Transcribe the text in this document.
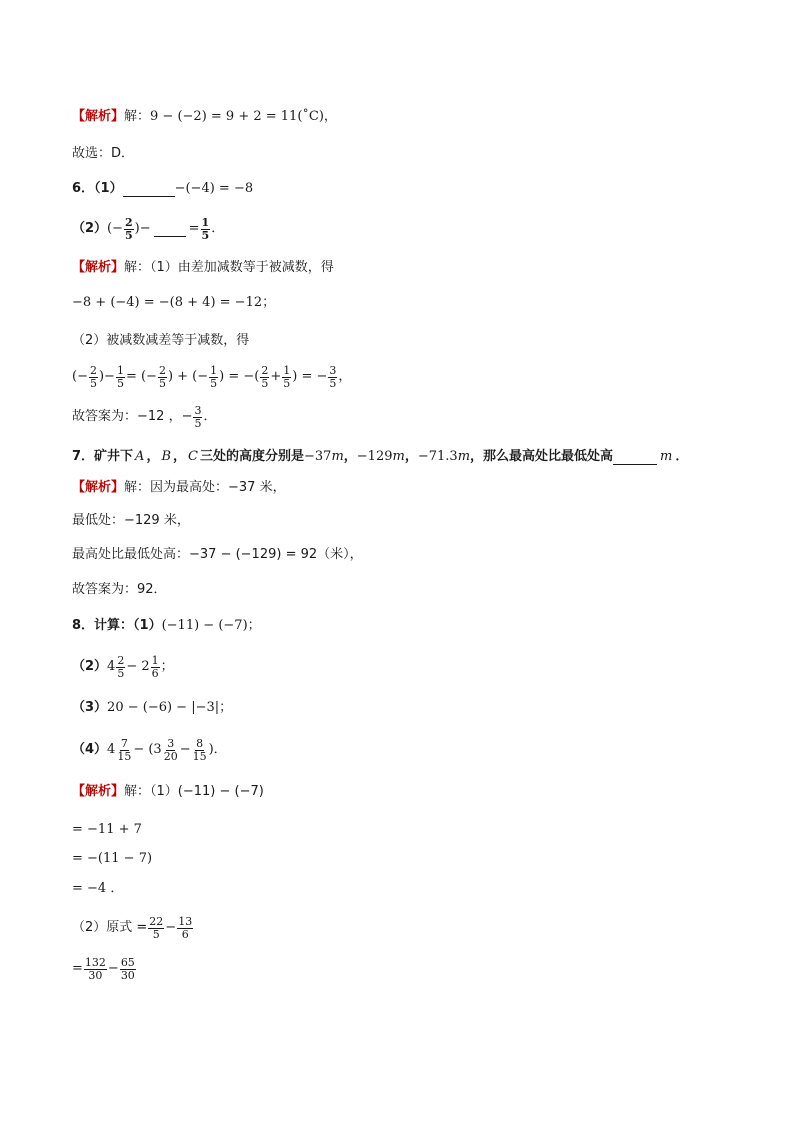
【解析】 解： 9 − (−2) = 9 + 2 = 11(˚C)，
故选：D．
6．（1）	−(−4) = −8
（2） (− $\frac{2}{5}$ )−	= $\frac{1}{5}$ ．
【解析】 解：（1）由差加减数等于被减数，得
−8 + (−4) = −(8 + 4) = −12；
（2）被减数减差等于减数，得
(− $\frac{2}{5}$ )− $\frac{1}{5}$ = (− $\frac{2}{5}$ ) + (− $\frac{1}{5}$ ) = −( $\frac{2}{5} + \frac{1}{5}$ ) = − $\frac{3}{5}$ ，
故答案为：−12 ，− $\frac{3}{5}$ ．
7．矿井下 A ， B ， C 三处的高度分别是 −37 m ， −129 m ， −71.3 m ，那么最高处比最低处高	m ．
【解析】 解：因为最高处：−37 米，
最低处：−129 米，
最高处比最低处高：−37 − (−129) = 92（米），
故答案为：92．
8．计算：（1） (−11) − (−7)；
（2） $4 \frac{2}{5} - 2 \frac{1}{6}$ ；
（3） 20 − (−6) − |−3|；
（4） $4 \frac{7}{15} - (3 \frac{3}{20} - \frac{8}{15}$ )．
【解析】 解：（1）(−11) − (−7)
= −11 + 7
= −(11 − 7)
= −4 ．
（2）原式 = $\frac{22}{5} - \frac{13}{6}$
= $\frac{132}{30} - \frac{65}{30}$
